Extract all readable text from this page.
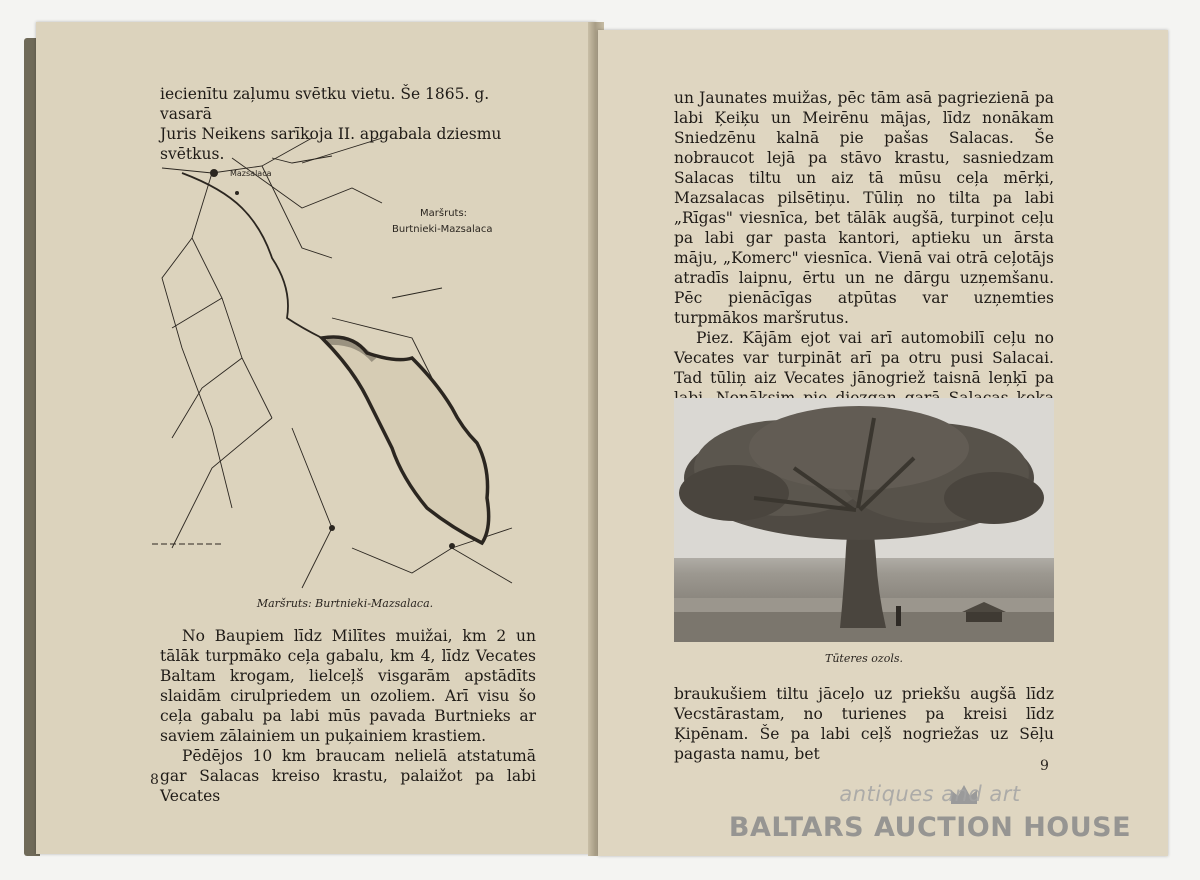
iecienītu zaļumu svētku vietu. Še 1865. g. vasarā
Juris Neikens sarīkoja II. apgabala dziesmu svētkus.
Mazsalaca
Maršruts:
Burtnieki-Mazsalaca
Maršruts: Burtnieki-Mazsalaca.

No Baupiem līdz Milītes muižai, km 2 un tālāk turpmāko ceļa gabalu, km 4, līdz Vecates Baltam krogam, lielceļš visgarām apstādīts slaidām cirulpriedem un ozoliem. Arī visu šo ceļa gabalu pa labi mūs pavada Burtnieks ar saviem zālainiem un puķainiem krastiem.

Pēdējos 10 km braucam nelielā atstatumā gar Salacas kreiso krastu, palaižot pa labi Vecates

8

un Jaunates muižas, pēc tām asā pagriezienā pa labi Ķeiķu un Meirēnu mājas, līdz nonākam Sniedzēnu kalnā pie pašas Salacas. Še nobraucot lejā pa stāvo krastu, sasniedzam Salacas tiltu un aiz tā mūsu ceļa mērķi, Mazsalacas pilsētiņu. Tūliņ no tilta pa labi „Rīgas" viesnīca, bet tālāk augšā, turpinot ceļu pa labi gar pasta kantori, aptieku un ārsta māju, „Komerc" viesnīca. Vienā vai otrā ceļotājs atradīs laipnu, ērtu un ne dārgu uzņemšanu. Pēc pienācīgas atpūtas var uzņemties turpmākos maršrutus.

Piez. Kājām ejot vai arī automobilī ceļu no Vecates var turpināt arī pa otru pusi Salacai. Tad tūliņ aiz Vecates jānogriež taisnā leņķī pa

Tūteres ozols.

braukušiem tiltu jāceļo uz priekšu augšā līdz Vecstārastam, no turienes pa kreisi līdz Ķipēnam. Še pa labi ceļš nogriežas uz Sēļu pagasta namu, bet

9
antiques and art
BALTARS AUCTION HOUSE
